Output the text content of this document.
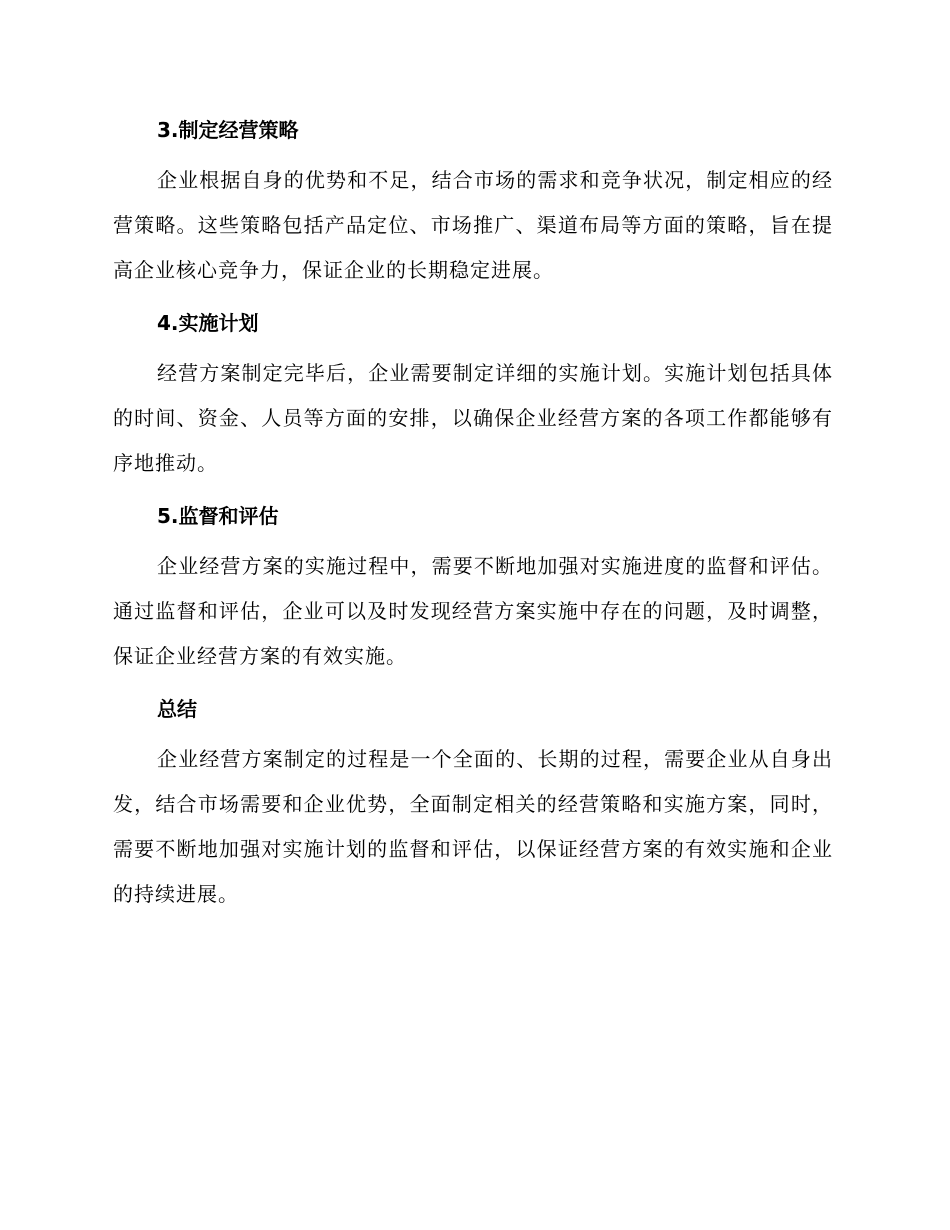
3.制定经营策略

企业根据自身的优势和不足，结合市场的需求和竞争状况，制定相应的经营策略。这些策略包括产品定位、市场推广、渠道布局等方面的策略，旨在提高企业核心竞争力，保证企业的长期稳定进展。

4.实施计划

经营方案制定完毕后，企业需要制定详细的实施计划。实施计划包括具体的时间、资金、人员等方面的安排，以确保企业经营方案的各项工作都能够有序地推动。

5.监督和评估

企业经营方案的实施过程中，需要不断地加强对实施进度的监督和评估。通过监督和评估，企业可以及时发现经营方案实施中存在的问题，及时调整，保证企业经营方案的有效实施。

总结

企业经营方案制定的过程是一个全面的、长期的过程，需要企业从自身出发，结合市场需要和企业优势，全面制定相关的经营策略和实施方案，同时，需要不断地加强对实施计划的监督和评估，以保证经营方案的有效实施和企业的持续进展。
